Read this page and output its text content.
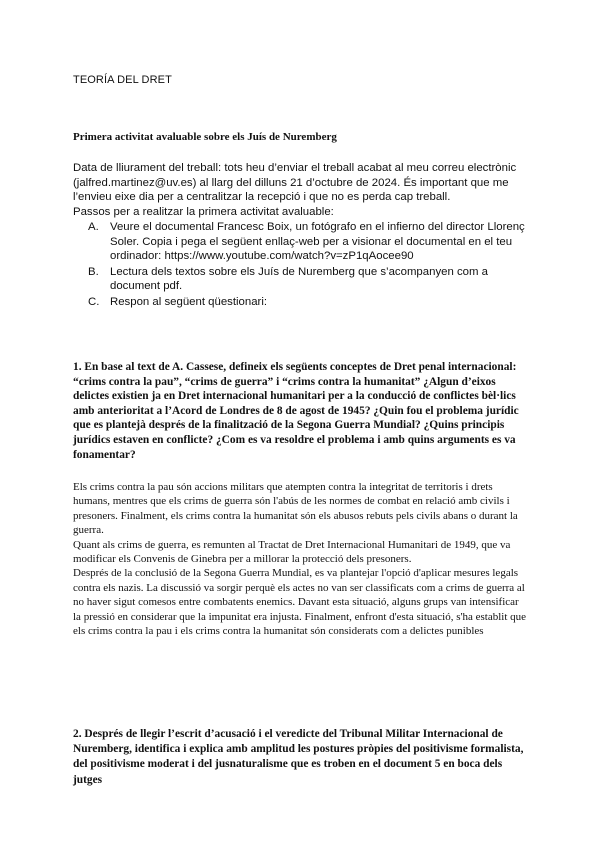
TEORÍA DEL DRET
Primera activitat avaluable sobre els Juís de Nuremberg

Data de lliurament del treball: tots heu d’enviar el treball acabat al meu correu electrònic (jalfred.martinez@uv.es) al llarg del dilluns 21 d’octubre de 2024. És important que me l’envieu eixe dia per a centralitzar la recepció i que no es perda cap treball.

Passos per a realitzar la primera activitat avaluable:

A. Veure el documental Francesc Boix, un fotógrafo en el infierno del director Llorenç Soler. Copia i pega el següent enllaç-web per a visionar el documental en el teu ordinador: https://www.youtube.com/watch?v=zP1qAocee90
B. Lectura dels textos sobre els Juís de Nuremberg que s’acompanyen com a document pdf.
C. Respon al següent qüestionari:

1. En base al text de A. Cassese, defineix els següents conceptes de Dret penal internacional: “crims contra la pau”, “crims de guerra” i “crims contra la humanitat” ¿Algun d’eixos delictes existien ja en Dret internacional humanitari per a la conducció de conflictes bèl·lics amb anterioritat a l’Acord de Londres de 8 de agost de 1945? ¿Quin fou el problema jurídic que es plantejà després de la finalització de la Segona Guerra Mundial? ¿Quins principis jurídics estaven en conflicte? ¿Com es va resoldre el problema i amb quins arguments es va fonamentar?

Els crims contra la pau són accions militars que atempten contra la integritat de territoris i drets humans, mentres que els crims de guerra són l'abús de les normes de combat en relació amb civils i presoners. Finalment, els crims contra la humanitat són els abusos rebuts pels civils abans o durant la guerra.

Quant als crims de guerra, es remunten al Tractat de Dret Internacional Humanitari de 1949, que va modificar els Convenis de Ginebra per a millorar la protecció dels presoners.

Després de la conclusió de la Segona Guerra Mundial, es va plantejar l'opció d'aplicar mesures legals contra els nazis. La discussió va sorgir perquè els actes no van ser classificats com a crims de guerra al no haver sigut comesos entre combatents enemics. Davant esta situació, alguns grups van intensificar la pressió en considerar que la impunitat era injusta. Finalment, enfront d'esta situació, s'ha establit que els crims contra la pau i els crims contra la humanitat són considerats com a delictes punibles

2. Després de llegir l’escrit d’acusació i el veredicte del Tribunal Militar Internacional de Nuremberg, identifica i explica amb amplitud les postures pròpies del positivisme formalista, del positivisme moderat i del jusnaturalisme que es troben en el document 5 en boca dels jutges
